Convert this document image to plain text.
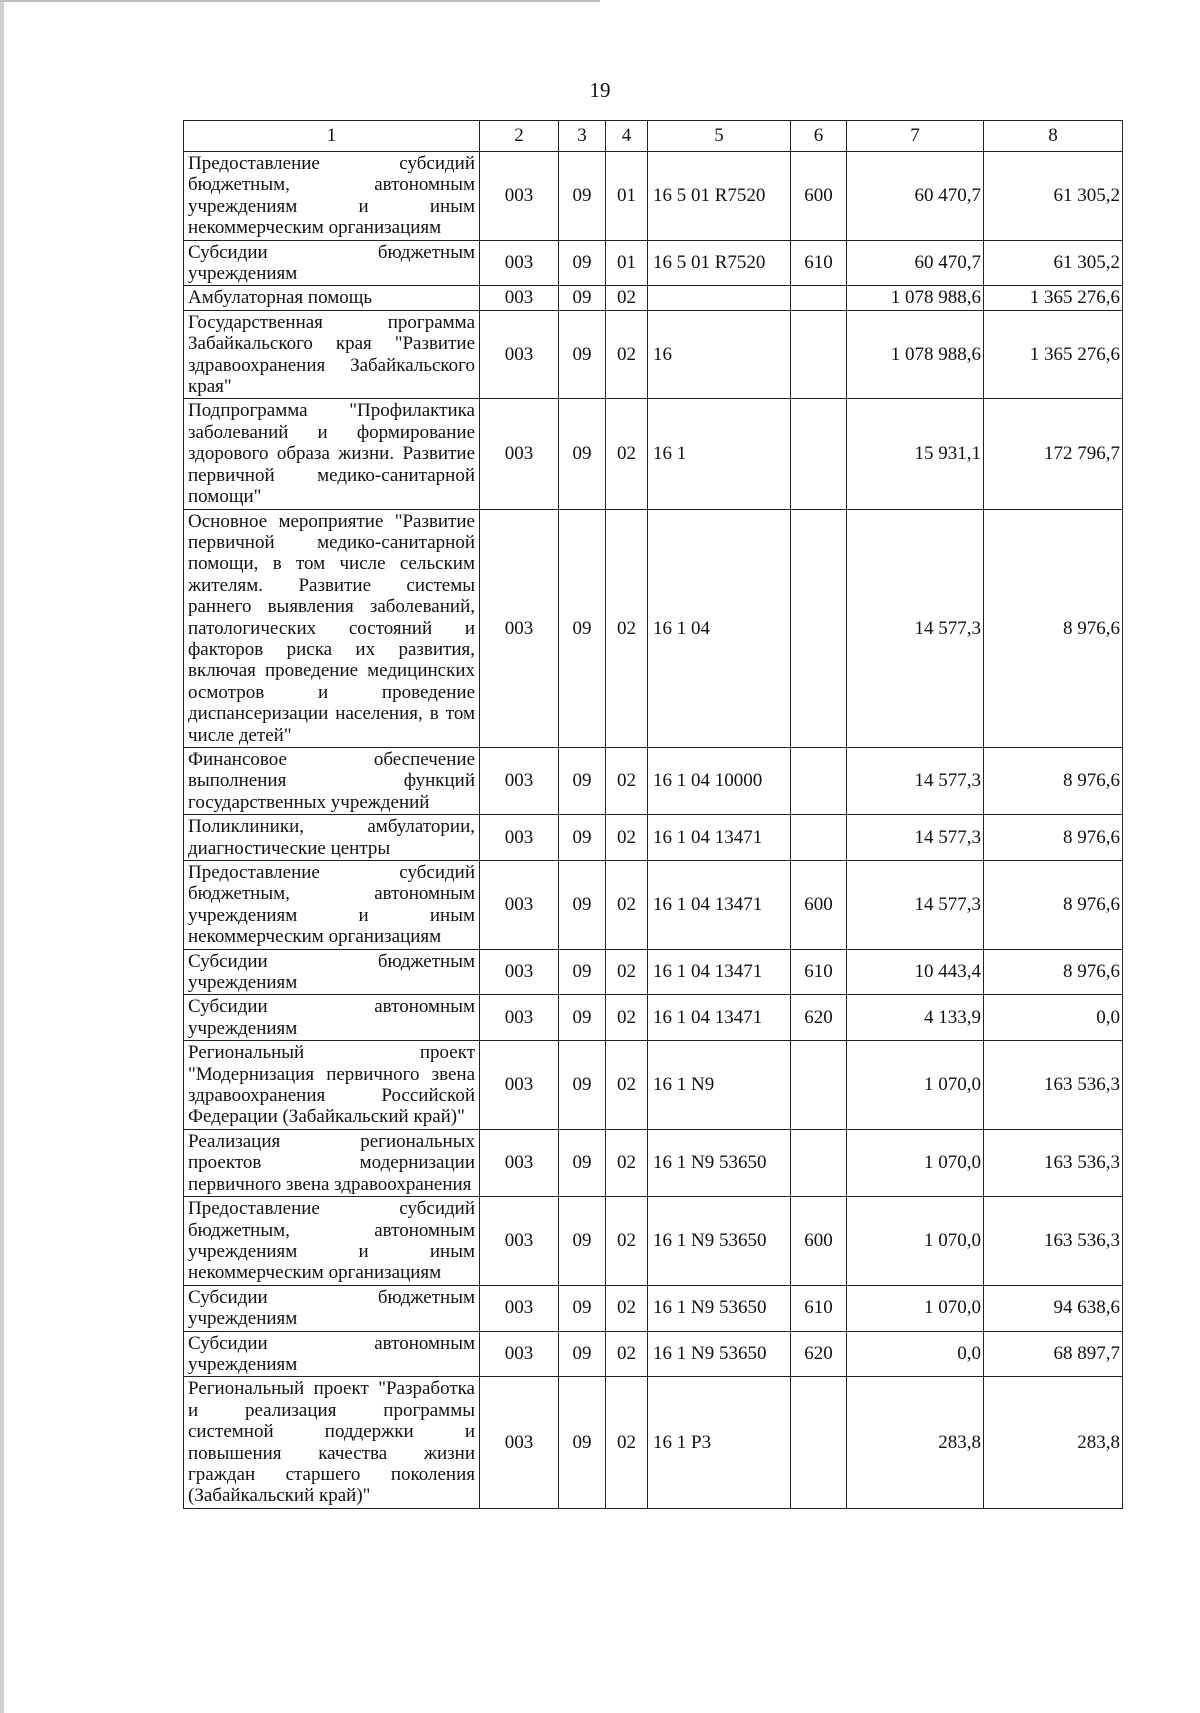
19
1	2	3	4	5	6	7	8
Предоставление субсидий бюджетным, автономным учреждениям и иным некоммерческим организациям	003	09	01	16 5 01 R7520	600	60 470,7	61 305,2
Субсидии бюджетным учреждениям	003	09	01	16 5 01 R7520	610	60 470,7	61 305,2
Амбулаторная помощь	003	09	02			1 078 988,6	1 365 276,6
Государственная программа Забайкальского края "Развитие здравоохранения Забайкальского края"	003	09	02	16		1 078 988,6	1 365 276,6
Подпрограмма "Профилактика заболеваний и формирование здорового образа жизни. Развитие первичной медико-санитарной помощи"	003	09	02	16 1		15 931,1	172 796,7
Основное мероприятие "Развитие первичной медико-санитарной помощи, в том числе сельским жителям. Развитие системы раннего выявления заболеваний, патологических состояний и факторов риска их развития, включая проведение медицинских осмотров и проведение диспансеризации населения, в том числе детей"	003	09	02	16 1 04		14 577,3	8 976,6
Финансовое обеспечение выполнения функций государственных учреждений	003	09	02	16 1 04 10000		14 577,3	8 976,6
Поликлиники, амбулатории, диагностические центры	003	09	02	16 1 04 13471		14 577,3	8 976,6
Предоставление субсидий бюджетным, автономным учреждениям и иным некоммерческим организациям	003	09	02	16 1 04 13471	600	14 577,3	8 976,6
Субсидии бюджетным учреждениям	003	09	02	16 1 04 13471	610	10 443,4	8 976,6
Субсидии автономным учреждениям	003	09	02	16 1 04 13471	620	4 133,9	0,0
Региональный проект "Модернизация первичного звена здравоохранения Российской Федерации (Забайкальский край)"	003	09	02	16 1 N9		1 070,0	163 536,3
Реализация региональных проектов модернизации первичного звена здравоохранения	003	09	02	16 1 N9 53650		1 070,0	163 536,3
Предоставление субсидий бюджетным, автономным учреждениям и иным некоммерческим организациям	003	09	02	16 1 N9 53650	600	1 070,0	163 536,3
Субсидии бюджетным учреждениям	003	09	02	16 1 N9 53650	610	1 070,0	94 638,6
Субсидии автономным учреждениям	003	09	02	16 1 N9 53650	620	0,0	68 897,7
Региональный проект "Разработка и реализация программы системной поддержки и повышения качества жизни граждан старшего поколения (Забайкальский край)"	003	09	02	16 1 P3		283,8	283,8
